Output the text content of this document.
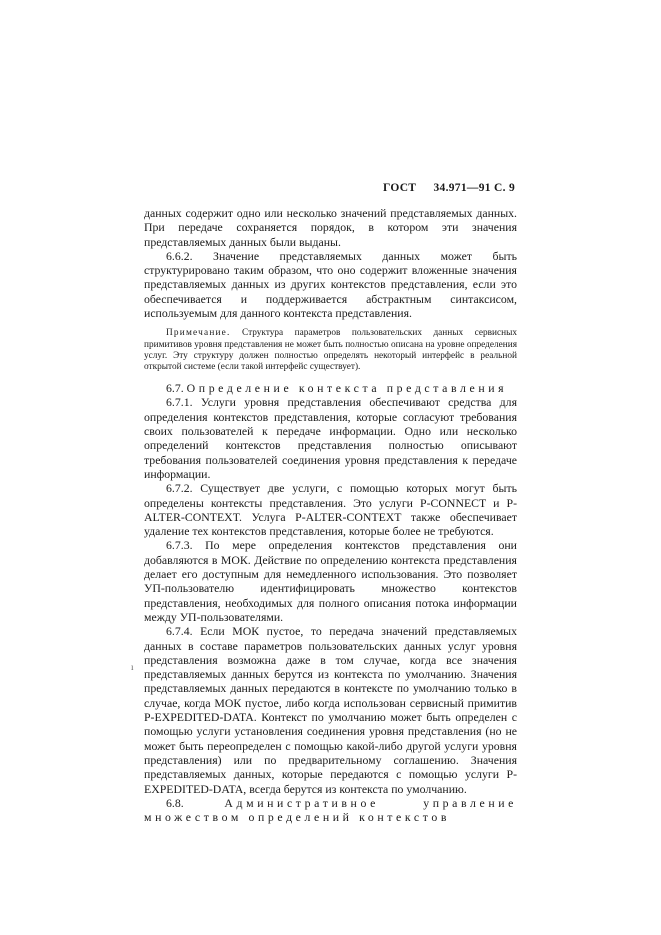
ГОСТ 34.971—91 С. 9
ı

данных содержит одно или несколько значений представляемых данных. При передаче сохраняется порядок, в котором эти значения представляемых данных были выданы.

6.6.2. Значение представляемых данных может быть структурировано таким образом, что оно содержит вложенные значения представляемых данных из других контекстов представления, если это обеспечивается и поддерживается абстрактным синтаксисом, используемым для данного контекста представления.

Примечание. Структура параметров пользовательских данных сервисных примитивов уровня представления не может быть полностью описана на уровне определения услуг. Эту структуру должен полностью определять некоторый интерфейс в реальной открытой системе (если такой интерфейс существует).

6.7. Определение контекста представления

6.7.1. Услуги уровня представления обеспечивают средства для определения контекстов представления, которые согласуют требования своих пользователей к передаче информации. Одно или несколько определений контекстов представления полностью описывают требования пользователей соединения уровня представления к передаче информации.

6.7.2. Существует две услуги, с помощью которых могут быть определены контексты представления. Это услуги P-CONNECT и P-ALTER-CONTEXT. Услуга P-ALTER-CONTEXT также обеспечивает удаление тех контекстов представления, которые более не требуются.

6.7.3. По мере определения контекстов представления они добавляются в МОК. Действие по определению контекста представления делает его доступным для немедленного использования. Это позволяет УП-пользователю идентифицировать множество контекстов представления, необходимых для полного описания потока информации между УП-пользователями.

6.7.4. Если МОК пустое, то передача значений представляемых данных в составе параметров пользовательских данных услуг уровня представления возможна даже в том случае, когда все значения представляемых данных берутся из контекста по умолчанию. Значения представляемых данных передаются в контексте по умолчанию только в случае, когда МОК пустое, либо когда использован сервисный примитив P-EXPEDITED-DATA. Контекст по умолчанию может быть определен с помощью услуги установления соединения уровня представления (но не может быть переопределен с помощью какой-либо другой услуги уровня представления) или по предварительному соглашению. Значения представляемых данных, которые передаются с помощью услуги P-EXPEDITED-DATA, всегда берутся из контекста по умолчанию.

6.8.	Административное управление множеством определений контекстов
